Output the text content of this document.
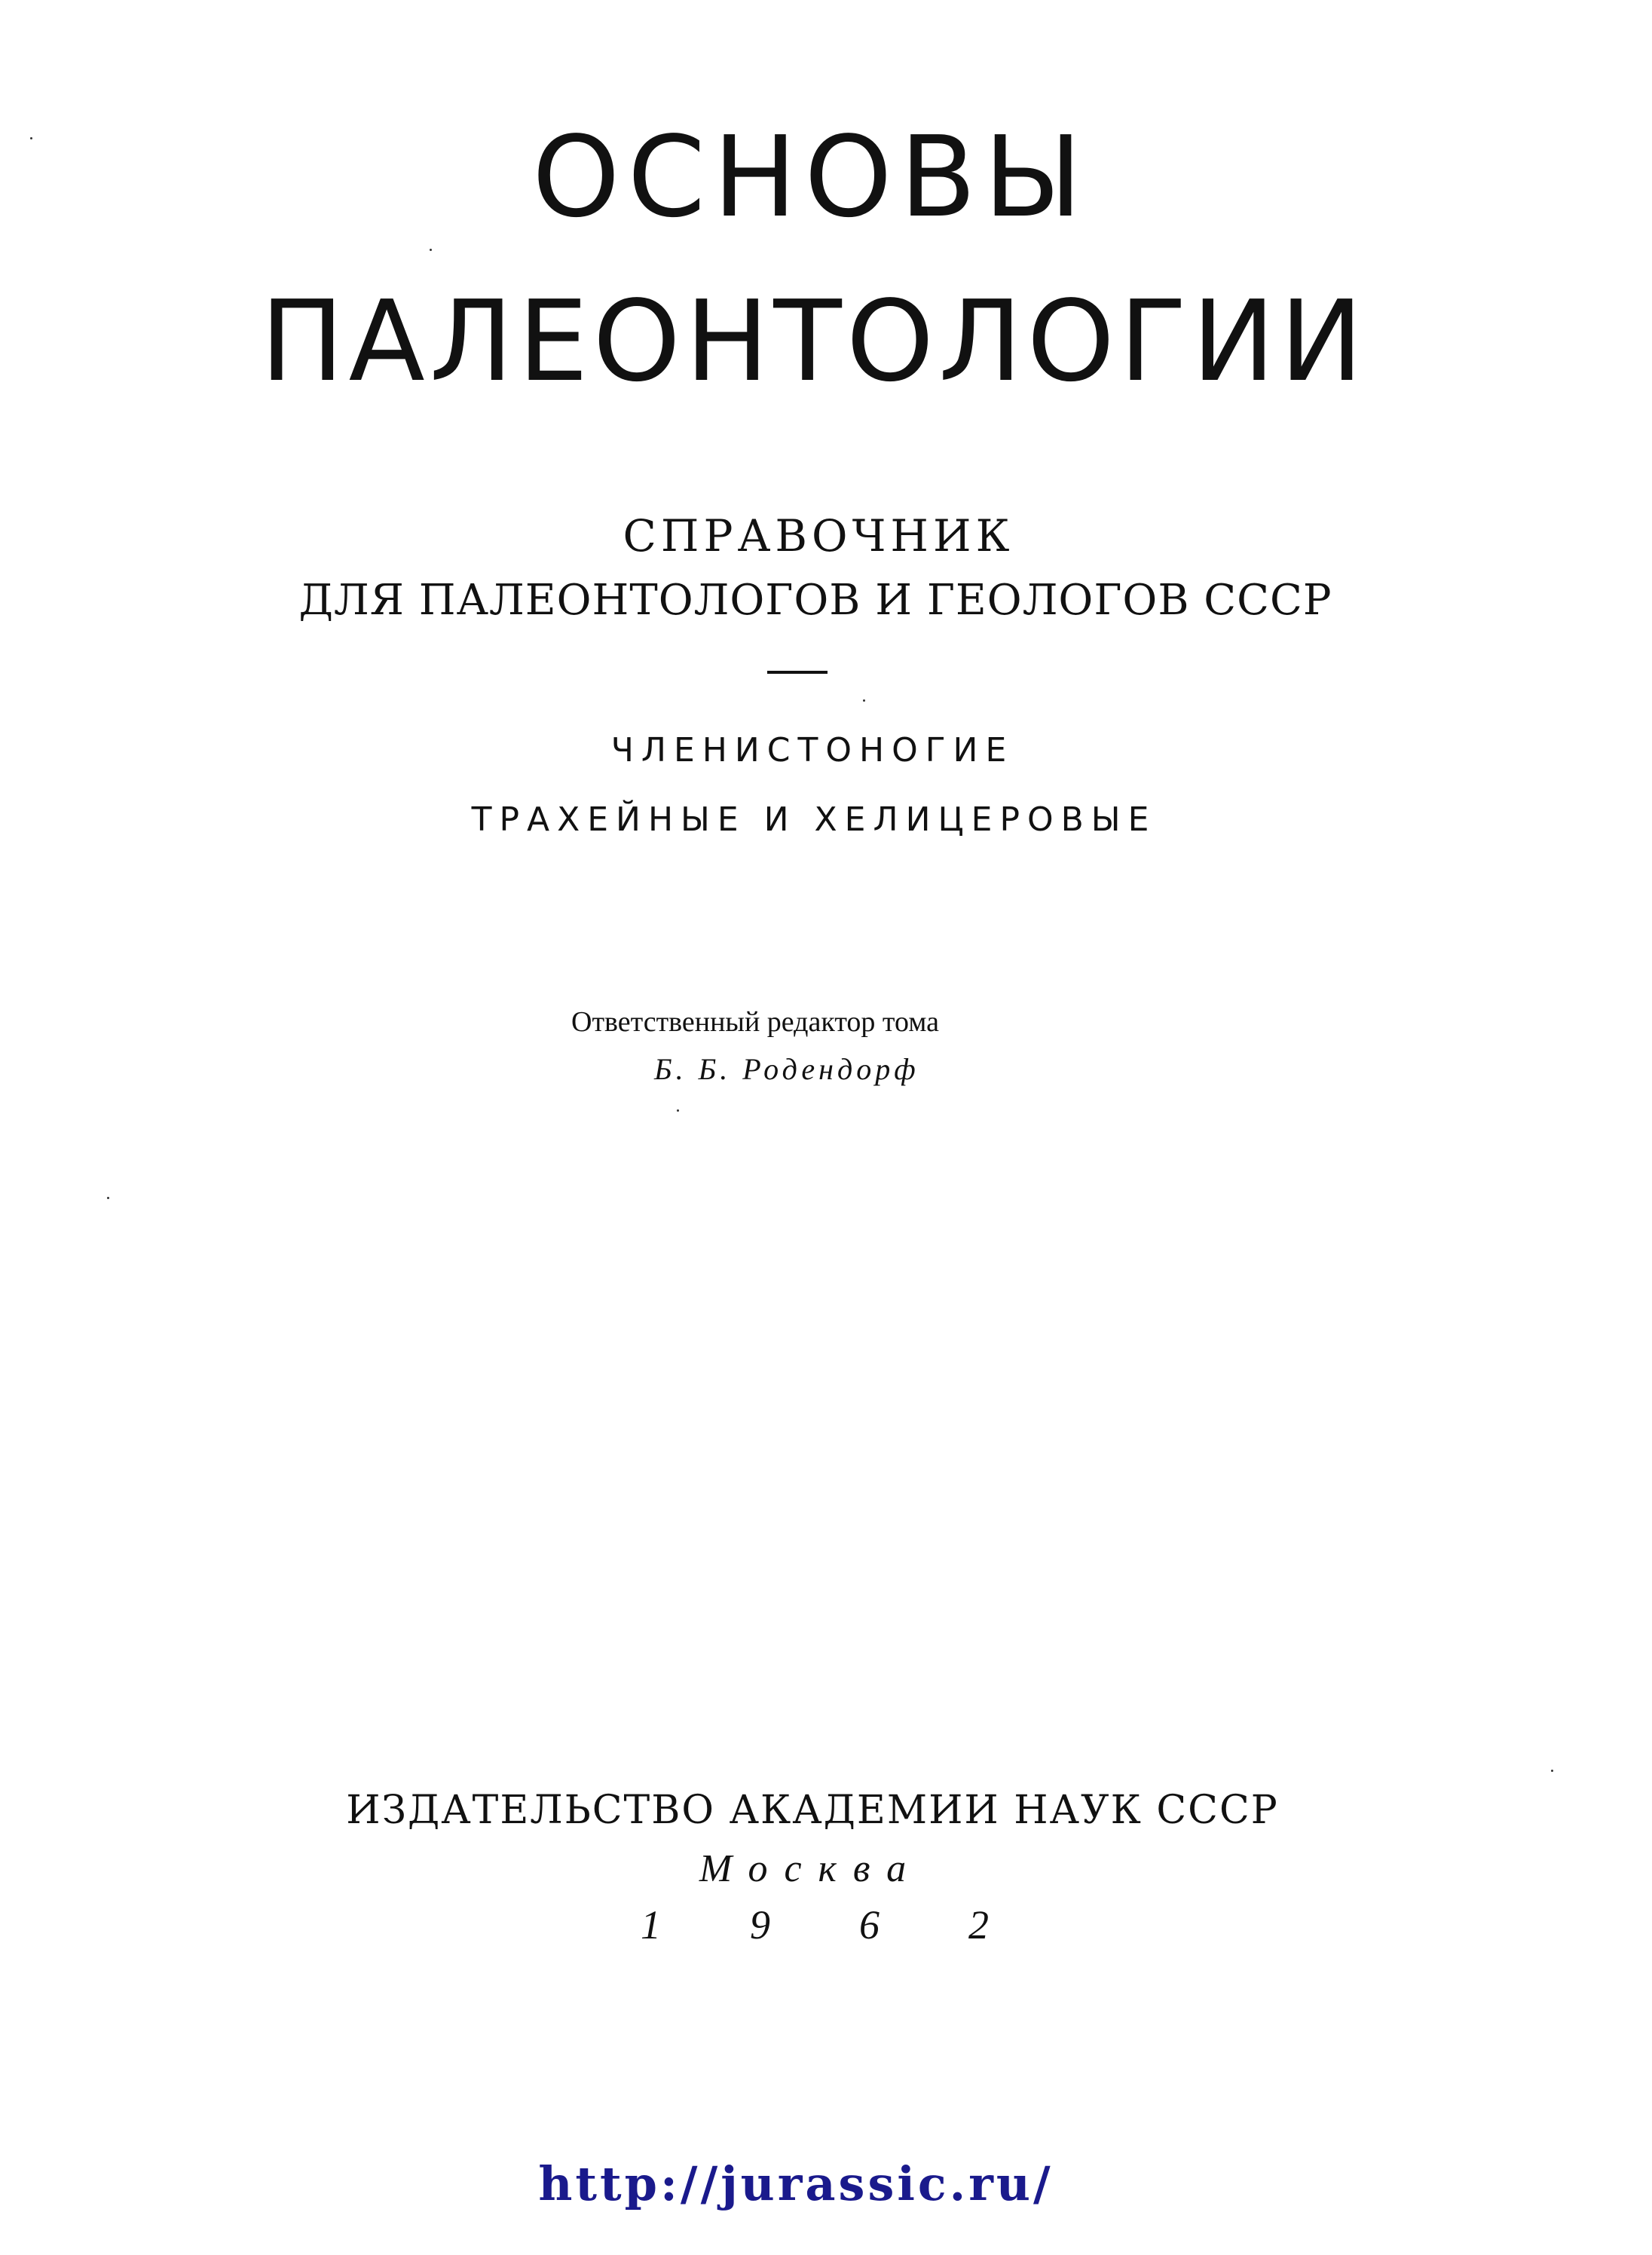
ОСНОВЫ
ПАЛЕОНТОЛОГИИ
СПРАВОЧНИК
ДЛЯ ПАЛЕОНТОЛОГОВ И ГЕОЛОГОВ СССР
ЧЛЕНИСТОНОГИЕ
ТРАХЕЙНЫЕ И ХЕЛИЦЕРОВЫЕ
Ответственный редактор тома
Б. Б. Родендорф
ИЗДАТЕЛЬСТВО АКАДЕМИИ НАУК СССР
Москва
1962
http://jurassic.ru/
